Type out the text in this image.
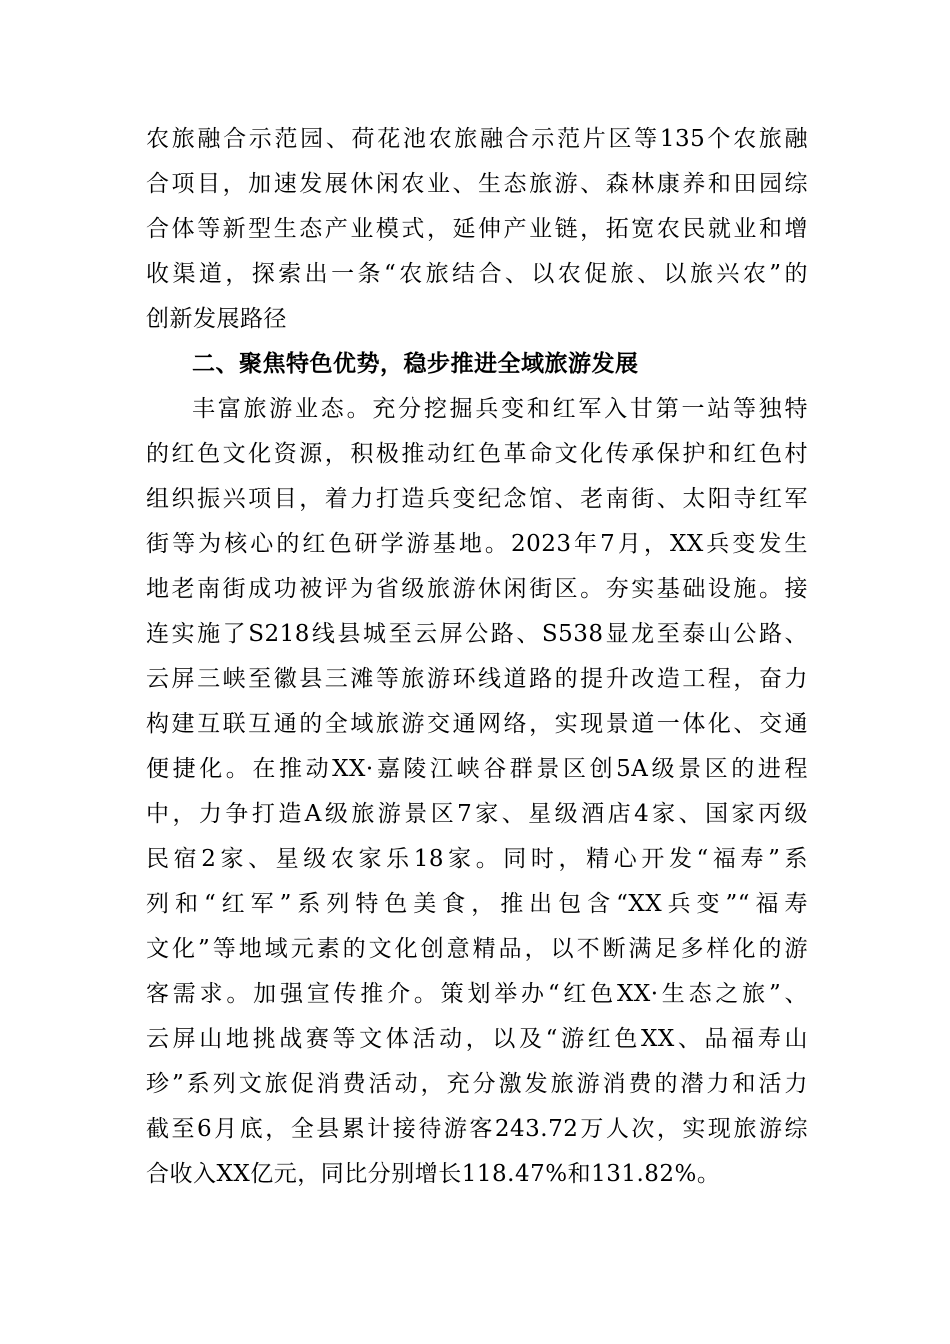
农旅融合示范园、荷花池农旅融合示范片区等135个农旅融
合项目，加速发展休闲农业、生态旅游、森林康养和田园综
合体等新型生态产业模式，延伸产业链，拓宽农民就业和增
收渠道，探索出一条“农旅结合、以农促旅、以旅兴农”的
创新发展路径
二、聚焦特色优势，稳步推进全域旅游发展
丰富旅游业态。充分挖掘兵变和红军入甘第一站等独特
的红色文化资源，积极推动红色革命文化传承保护和红色村
组织振兴项目，着力打造兵变纪念馆、老南街、太阳寺红军
街等为核心的红色研学游基地。2023年7月，XX兵变发生
地老南街成功被评为省级旅游休闲街区。夯实基础设施。接
连实施了S218线县城至云屏公路、S538显龙至泰山公路、
云屏三峡至徽县三滩等旅游环线道路的提升改造工程，奋力
构建互联互通的全域旅游交通网络，实现景道一体化、交通
便捷化。在推动XX·嘉陵江峡谷群景区创5A级景区的进程
中，力争打造A级旅游景区7家、星级酒店4家、国家丙级
民宿2家、星级农家乐18家。同时，精心开发“福寿”系
列和“红军”系列特色美食，推出包含“XX兵变”“福寿
文化”等地域元素的文化创意精品，以不断满足多样化的游
客需求。加强宣传推介。策划举办“红色XX·生态之旅”、
云屏山地挑战赛等文体活动，以及“游红色XX、品福寿山
珍”系列文旅促消费活动，充分激发旅游消费的潜力和活力
截至6月底，全县累计接待游客243.72万人次，实现旅游综
合收入XX亿元，同比分别增长118.47%和131.82%。
